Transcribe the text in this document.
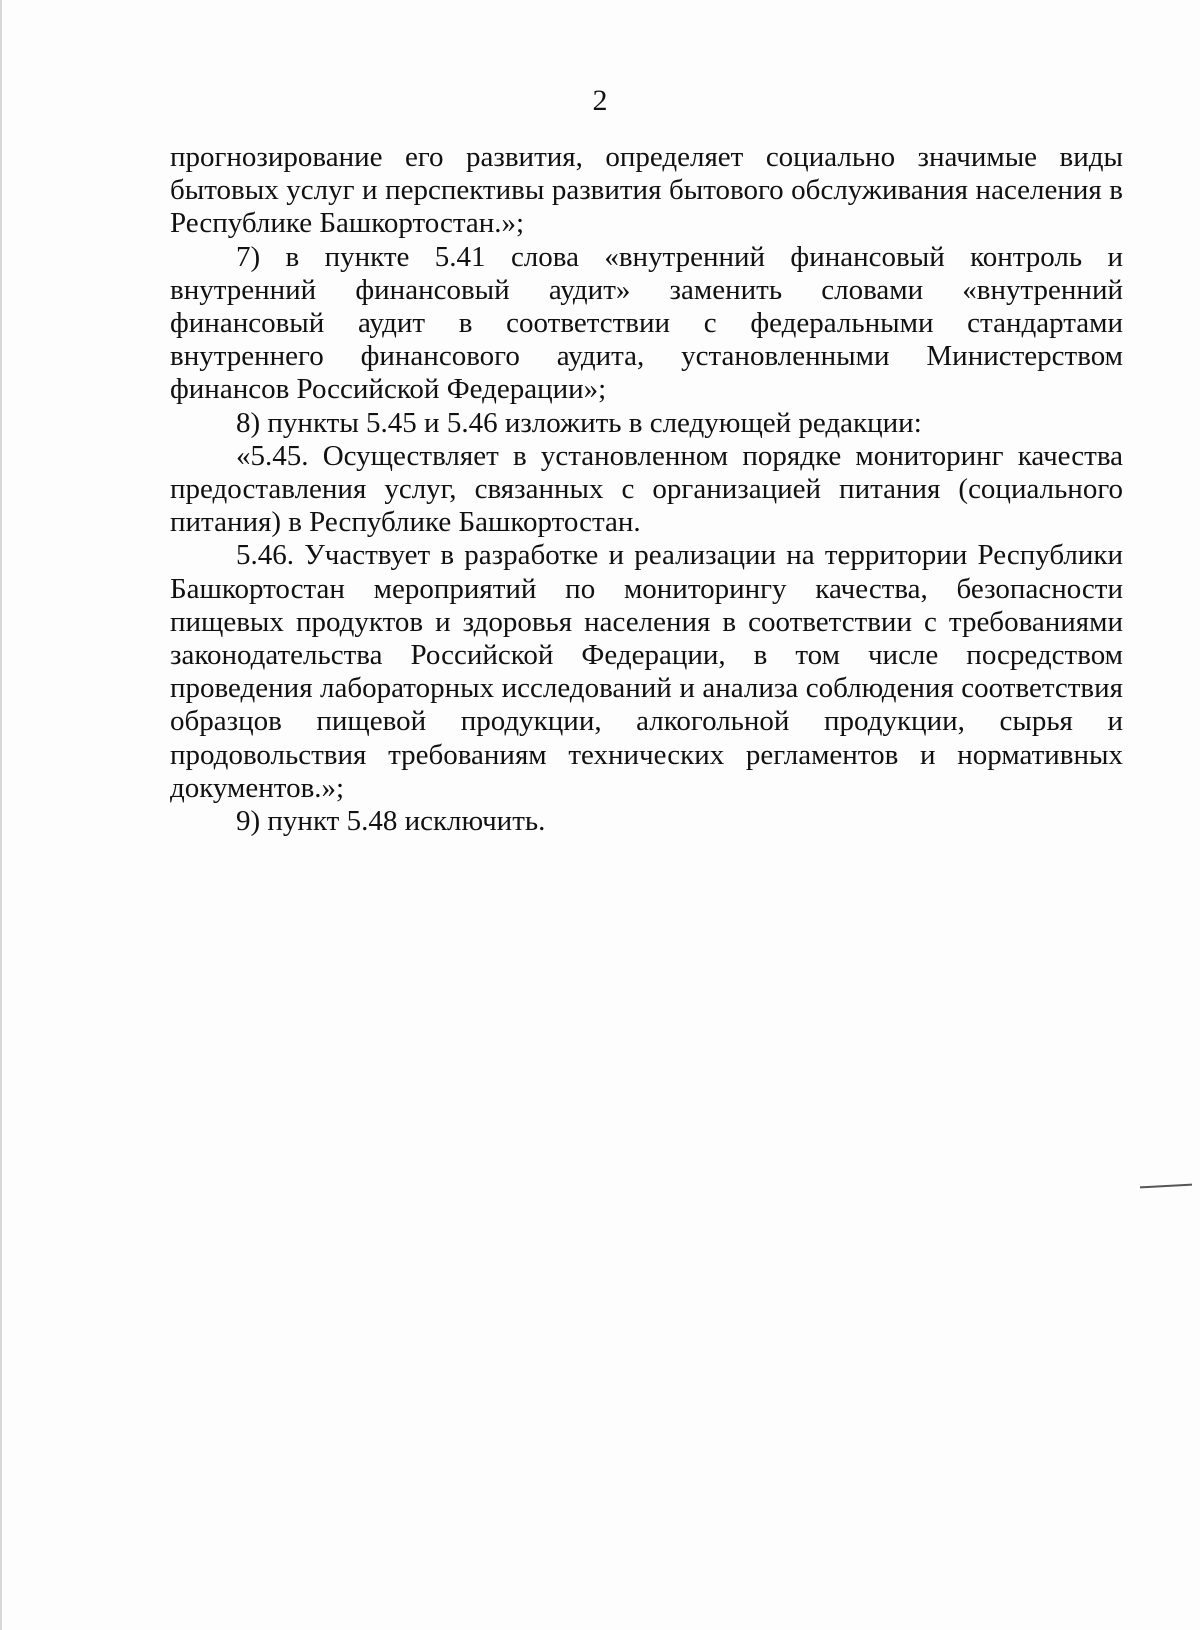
2

прогнозирование его развития, определяет социально значимые виды бытовых услуг и перспективы развития бытового обслуживания населения в Республике Башкортостан.»;

7) в пункте 5.41 слова «внутренний финансовый контроль и внутренний финансовый аудит» заменить словами «внутренний финансовый аудит в соответствии с федеральными стандартами внутреннего финансового аудита, установленными Министерством финансов Российской Федерации»;

8) пункты 5.45 и 5.46 изложить в следующей редакции:

«5.45. Осуществляет в установленном порядке мониторинг качества предоставления услуг, связанных с организацией питания (социального питания) в Республике Башкортостан.

5.46. Участвует в разработке и реализации на территории Республики Башкортостан мероприятий по мониторингу качества, безопасности пищевых продуктов и здоровья населения в соответствии с требованиями законодательства Российской Федерации, в том числе посредством проведения лабораторных исследований и анализа соблюдения соответствия образцов пищевой продукции, алкогольной продукции, сырья и продовольствия требованиям технических регламентов и нормативных документов.»;

9) пункт 5.48 исключить.
